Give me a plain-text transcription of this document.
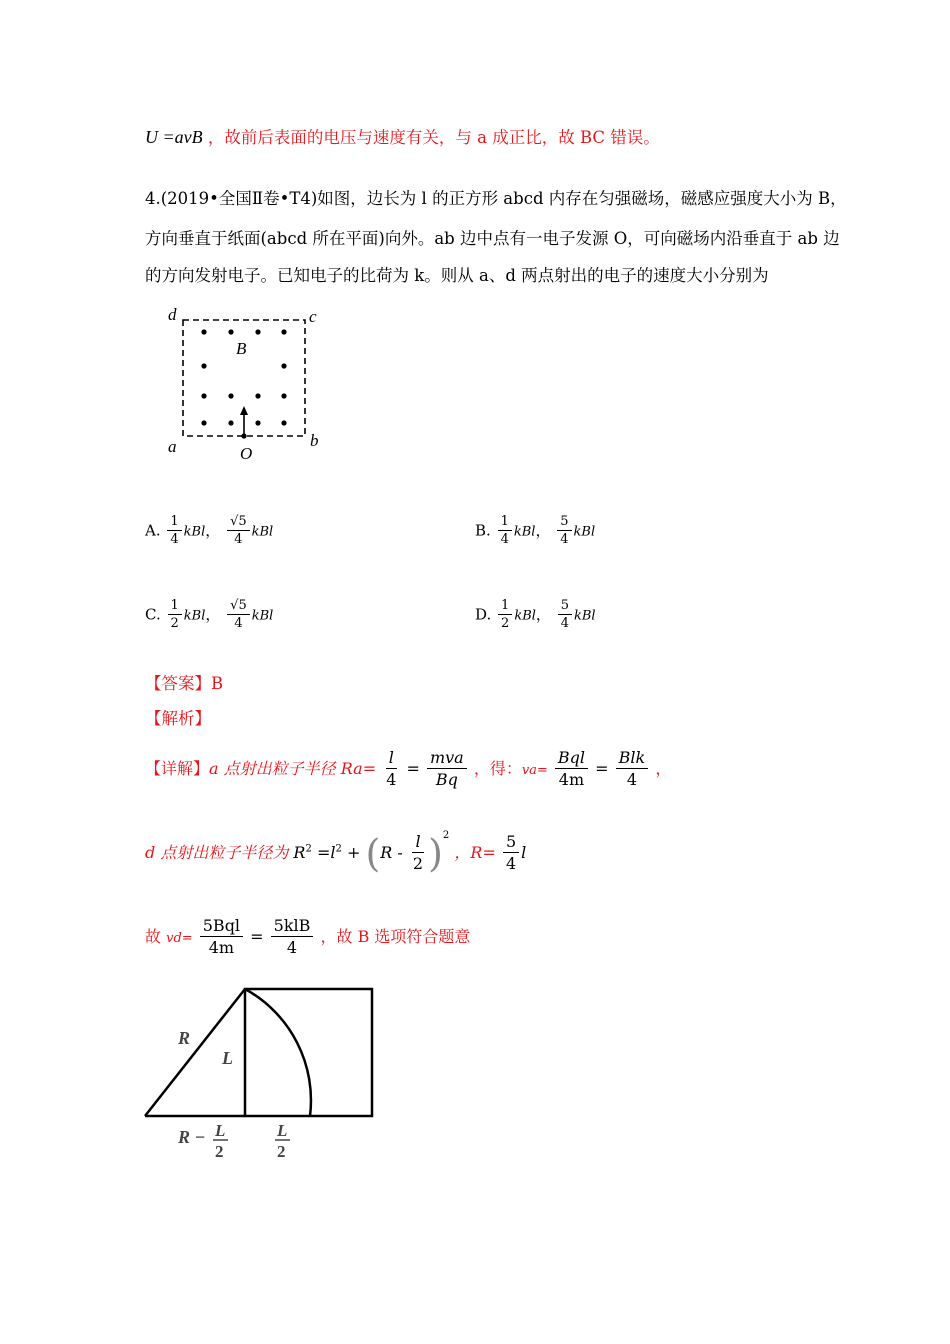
U =avB ，故前后表面的电压与速度有关，与 a 成正比，故 BC 错误。
4.(2019•全国Ⅱ卷•T4)如图，边长为 l 的正方形 abcd 内存在匀强磁场，磁感应强度大小为 B，
方向垂直于纸面(abcd 所在平面)向外。ab 边中点有一电子发源 O，可向磁场内沿垂直于 ab 边
的方向发射电子。已知电子的比荷为 k。则从 a、d 两点射出的电子的速度大小分别为
d	c
B
a	b
O
A. $\frac{1}{4}$ kBl， $\frac{√5}{4}$ kBl	B. $\frac{1}{4}$ kBl， $\frac{5}{4}$ kBl
C. $\frac{1}{2}$ kBl， $\frac{√5}{4}$ kBl	D. $\frac{1}{2}$ kBl， $\frac{5}{4}$ kBl
【答案】B
【解析】
【详解】a 点射出粒子半径 $Ra= \frac{l}{4} = \frac{\text{mva}}{Bq}$ ，得：$va= \frac{\text{Bql}}{4m} = \frac{\text{Blk}}{4}$ ，
d 点射出粒子半径为 $R^2 =l^2 + (R - \frac{l}{2} )^2$ ，$R= \frac{5}{4}$ l
故 $vd= \frac{\text{5Bql}}{4m} = \frac{\text{5klB}}{4}$ ，故 B 选项符合题意
R
L
R − L
2
L
2
